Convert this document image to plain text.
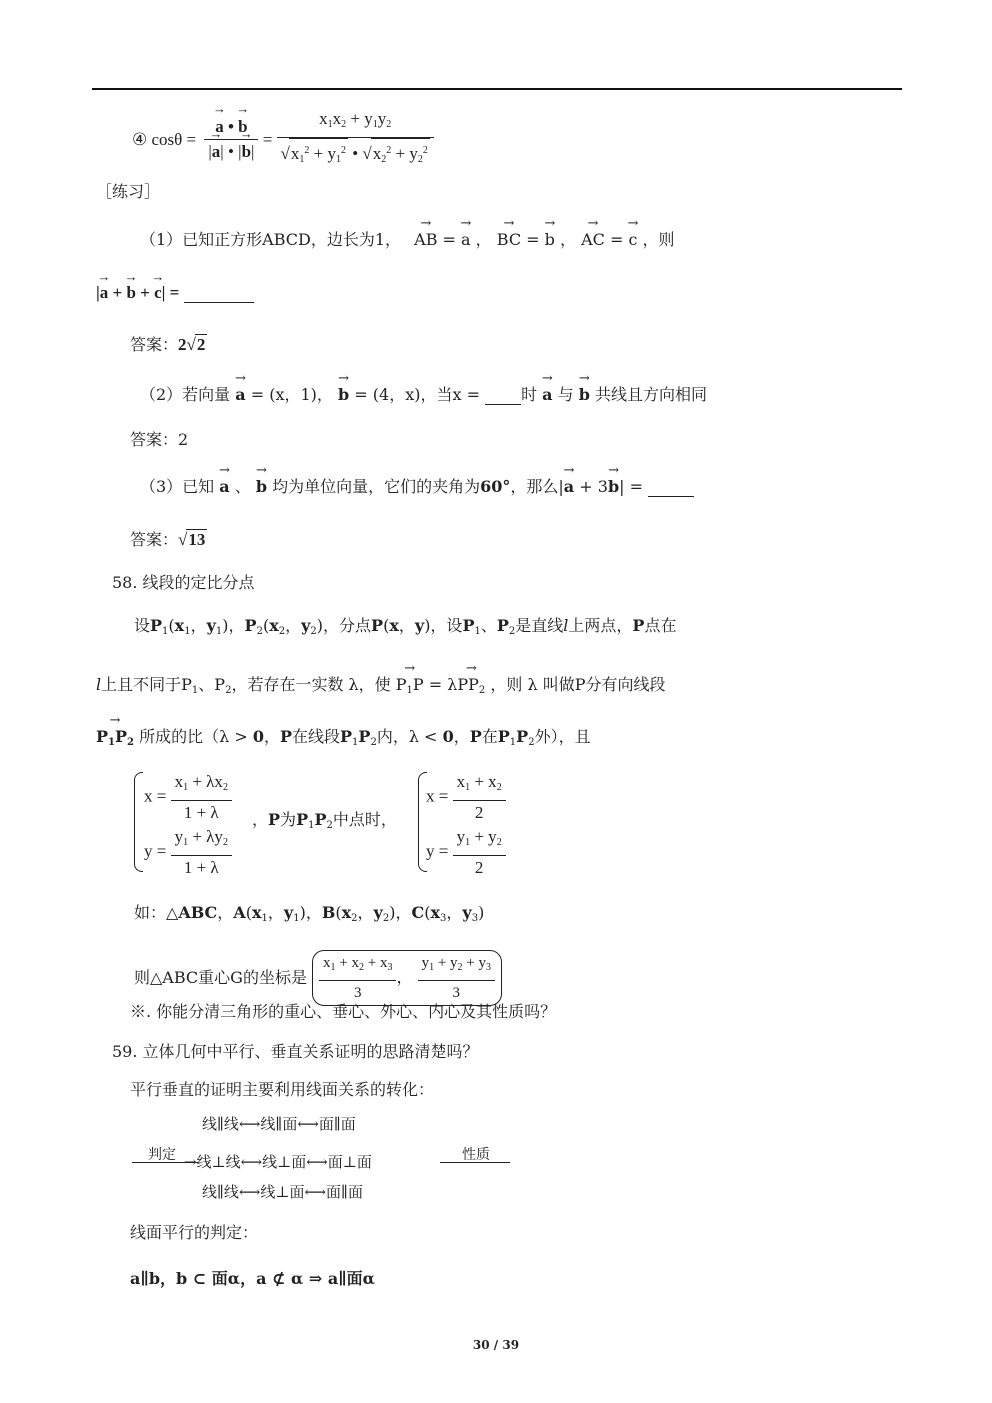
④ cosθ = → $\frac{a • \to b}{|\to a| • |\to b|} = \frac{x_1x_2 + y_1y_2}{√x_1^2 + y_1^2 • √x_2^2 + y_2^2}$
［练习］
（1）已知正方形ABCD，边长为1， → AB = → a ， → BC = → b ， → AC = → c ，则
|→ a + → b + → c| =
答案：2√2
（2）若向量 → a = (x，1)， → b = (4，x)，当x = 时 → a 与 → b 共线且方向相同
答案：2
（3）已知 → a 、 → b 均为单位向量，它们的夹角为60°，那么|→ a + 3→ b| =
答案：√13
58. 线段的定比分点
设$P_1(x_1$，$y_1$)，$P_2(x_2$，$y_2$)，分点P(x，y)，设$P_1$、$P_2$是直线l上两点，P点在
l上且不同于$P_1$、$P_2$，若存在一实数 λ，使 → $P_1P = \lambda\to PP_2$ ，则 λ 叫做P分有向线段
→ $P_1P_2$ 所成的比（λ > 0，P在线段$P_1P_2$内，λ < 0，P在$P_1P_2$外），且
$x = \frac{x_1 + \lambda x_2}{1 + \lambda}$
$y = \frac{y_1 + \lambda y_2}{1 + \lambda}$
，P为$P_1P_2$中点时，
$x = \frac{x_1 + x_2}{2}$
$y = \frac{y_1 + y_2}{2}$
如：△ABC，$A(x_1$，$y_1$)，$B(x_2$，$y_2$)，$C(x_3$，$y_3$)
则△ABC重心G的坐标是 $\frac{x_1 + x_2 + x_3}{3}$ ， $\frac{y_1 + y_2 + y_3}{3}$
※. 你能分清三角形的重心、垂心、外心、内心及其性质吗？
59. 立体几何中平行、垂直关系证明的思路清楚吗？
平行垂直的证明主要利用线面关系的转化：
线∥线⟷线∥面⟷面∥面
判定 →线⊥线⟷线⊥面⟷面⊥面	性质
线∥线⟷线⊥面⟷面∥面
线面平行的判定：
a∥b，b ⊂ 面α，a ⊄ α ⇒ a∥面α
30 / 39
